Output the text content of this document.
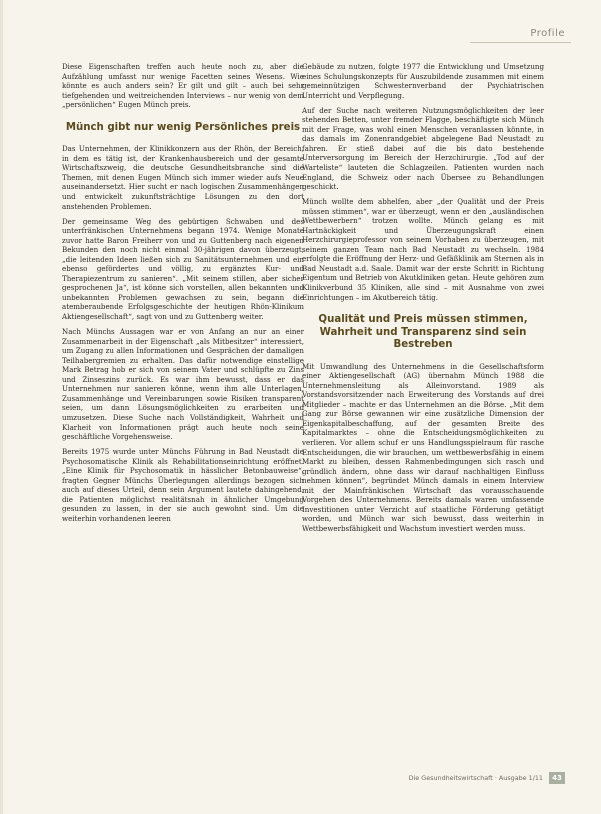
Profile

Diese Eigenschaften treffen auch heute noch zu, aber die Aufzählung umfasst nur wenige Facetten seines Wesens. Wie könnte es auch anders sein? Er gilt und gilt – auch bei sehr tiefgehenden und weitreichenden Interviews – nur wenig von dem „persönlichen“ Eugen Münch preis.

Münch gibt nur wenig Persönliches preis

Das Unternehmen, der Klinikkonzern aus der Rhön, der Bereich, in dem es tätig ist, der Krankenhausbereich und der gesamte Wirtschaftszweig, die deutsche Gesundheitsbranche sind die Themen, mit denen Eugen Münch sich immer wieder aufs Neue auseinandersetzt. Hier sucht er nach logischen Zusammenhängen und entwickelt zukunftsträchtige Lösungen zu den dort anstehenden Problemen.

Der gemeinsame Weg des gebürtigen Schwaben und des unterfränkischen Unternehmens begann 1974. Wenige Monate zuvor hatte Baron Freiherr von und zu Guttenberg nach eigenen Bekunden den noch nicht einmal 30-jährigen davon überzeugt, „die leitenden Ideen ließen sich zu Sanitätsunternehmen und ein ebenso gefördertes und völlig, zu ergänztes Kur- und Therapiezentrum zu sanieren“. „Mit seinem stillen, aber sicher gesprochenen Ja“, ist könne sich vorstellen, allen bekannten und unbekannten Problemen gewachsen zu sein, begann die atemberaubende Erfolgsgeschichte der heutigen Rhön-Klinikum Aktiengesellschaft“, sagt von und zu Guttenberg weiter.

Nach Münchs Aussagen war er von Anfang an nur an einer Zusammenarbeit in der Eigenschaft „als Mitbesitzer“ interessiert, um Zugang zu allen Informationen und Gesprächen der damaligen Teilhabergremien zu erhalten. Das dafür notwendige einstellige Mark Betrag hob er sich von seinem Vater und schlüpfte zu Zins und Zinseszins zurück. Es war ihm bewusst, dass er das Unternehmen nur sanieren könne, wenn ihm alle Unterlagen, Zusammenhänge und Vereinbarungen sowie Risiken transparent seien, um dann Lösungsmöglichkeiten zu erarbeiten und umzusetzen. Diese Suche nach Vollständigkeit, Wahrheit und Klarheit von Informationen prägt auch heute noch seine geschäftliche Vorgehensweise.

Bereits 1975 wurde unter Münchs Führung in Bad Neustadt die Psychosomatische Klinik als Rehabilitationseinrichtung eröffnet. „Eine Klinik für Psychosomatik in hässlicher Betonbauweise“, fragten Gegner Münchs Überlegungen allerdings bezogen sich auch auf dieses Urteil, denn sein Argument lautete dahingehend, die Patienten möglichst realitätsnah in ähnlicher Umgebung gesunden zu lassen, in der sie auch gewohnt sind. Um die weiterhin vorhandenen leeren

Gebäude zu nutzen, folgte 1977 die Entwicklung und Umsetzung eines Schulungskonzepts für Auszubildende zusammen mit einem gemeinnützigen Schwesternverband der Psychiatrischen Unterricht und Verpflegung.

Auf der Suche nach weiteren Nutzungsmöglichkeiten der leer stehenden Betten, unter fremder Flagge, beschäftigte sich Münch mit der Frage, was wohl einen Menschen veranlassen könnte, in das damals im Zonenrandgebiet abgelegene Bad Neustadt zu fahren. Er stieß dabei auf die bis dato bestehende Unterversorgung im Bereich der Herzchirurgie. „Tod auf der Warteliste“ lauteten die Schlagzeilen. Patienten wurden nach England, die Schweiz oder nach Übersee zu Behandlungen geschickt.

Münch wollte dem abhelfen, aber „der Qualität und der Preis müssen stimmen“, war er überzeugt, wenn er den „ausländischen Wettbewerbern“ trotzen wollte. Münch gelang es mit Hartnäckigkeit und Überzeugungskraft einen Herzchirurgieprofessor von seinem Vorhaben zu überzeugen, mit seinem ganzen Team nach Bad Neustadt zu wechseln. 1984 erfolgte die Eröffnung der Herz- und Gefäßklinik am Sternen als in Bad Neustadt a.d. Saale. Damit war der erste Schritt in Richtung Eigentum und Betrieb von Akutkliniken getan. Heute gehören zum Klinikverbund 35 Kliniken, alle sind – mit Ausnahme von zwei Einrichtungen – im Akutbereich tätig.

Qualität und Preis müssen stimmen, Wahrheit und Transparenz sind sein Bestreben

Mit Umwandlung des Unternehmens in die Gesellschaftsform einer Aktiengesellschaft (AG) übernahm Münch 1988 die Unternehmensleitung als Alleinvorstand. 1989 als Vorstandsvorsitzender nach Erweiterung des Vorstands auf drei Mitglieder – machte er das Unternehmen an die Börse. „Mit dem Gang zur Börse gewannen wir eine zusätzliche Dimension der Eigenkapitalbeschaffung, auf der gesamten Breite des Kapitalmarktes – ohne die Entscheidungsmöglichkeiten zu verlieren. Vor allem schuf er uns Handlungsspielraum für rasche Entscheidungen, die wir brauchen, um wettbewerbsfähig in einem Markt zu bleiben, dessen Rahmenbedingungen sich rasch und gründlich ändern, ohne dass wir darauf nachhaltigen Einfluss nehmen können“, begründet Münch damals in einem Interview mit der Mainfränkischen Wirtschaft das vorausschauende Vorgehen des Unternehmens. Bereits damals waren umfassende Investitionen unter Verzicht auf staatliche Förderung getätigt worden, und Münch war sich bewusst, dass weiterhin in Wettbewerbsfähigkeit und Wachstum investiert werden muss.

Die Gesundheitswirtschaft · Ausgabe 1/11	43
